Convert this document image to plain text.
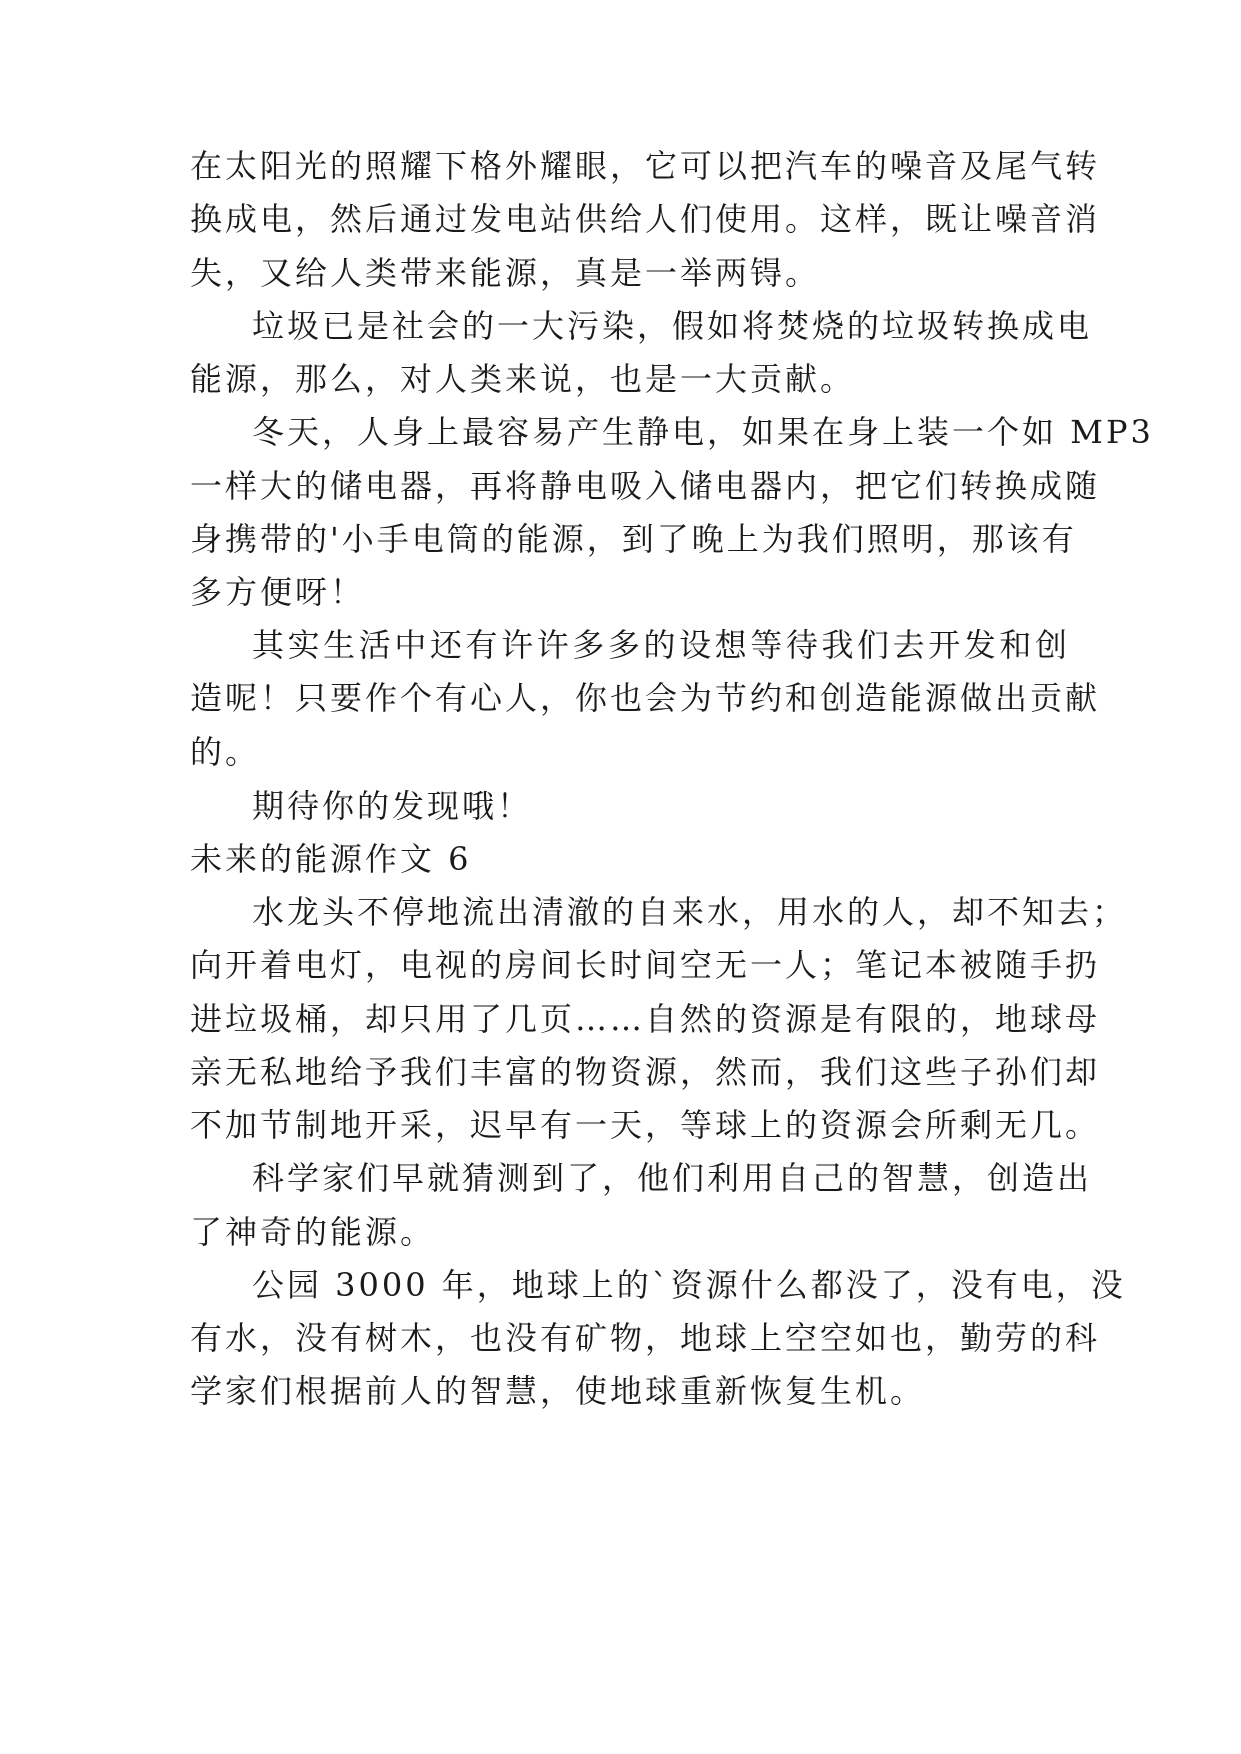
在太阳光的照耀下格外耀眼，它可以把汽车的噪音及尾气转
换成电，然后通过发电站供给人们使用。这样，既让噪音消
失，又给人类带来能源，真是一举两锝。
垃圾已是社会的一大污染，假如将焚烧的垃圾转换成电
能源，那么，对人类来说，也是一大贡献。
冬天，人身上最容易产生静电，如果在身上装一个如 MP3
一样大的储电器，再将静电吸入储电器内，把它们转换成随
身携带的'小手电筒的能源，到了晚上为我们照明，那该有
多方便呀！
其实生活中还有许许多多的设想等待我们去开发和创
造呢！只要作个有心人，你也会为节约和创造能源做出贡献
的。
期待你的发现哦！
未来的能源作文 6
水龙头不停地流出清澈的自来水，用水的人，却不知去；
向开着电灯，电视的房间长时间空无一人；笔记本被随手扔
进垃圾桶，却只用了几页……自然的资源是有限的，地球母
亲无私地给予我们丰富的物资源，然而，我们这些子孙们却
不加节制地开采，迟早有一天，等球上的资源会所剩无几。
科学家们早就猜测到了，他们利用自己的智慧，创造出
了神奇的能源。
公园 3000 年，地球上的`资源什么都没了，没有电，没
有水，没有树木，也没有矿物，地球上空空如也，勤劳的科
学家们根据前人的智慧，使地球重新恢复生机。
